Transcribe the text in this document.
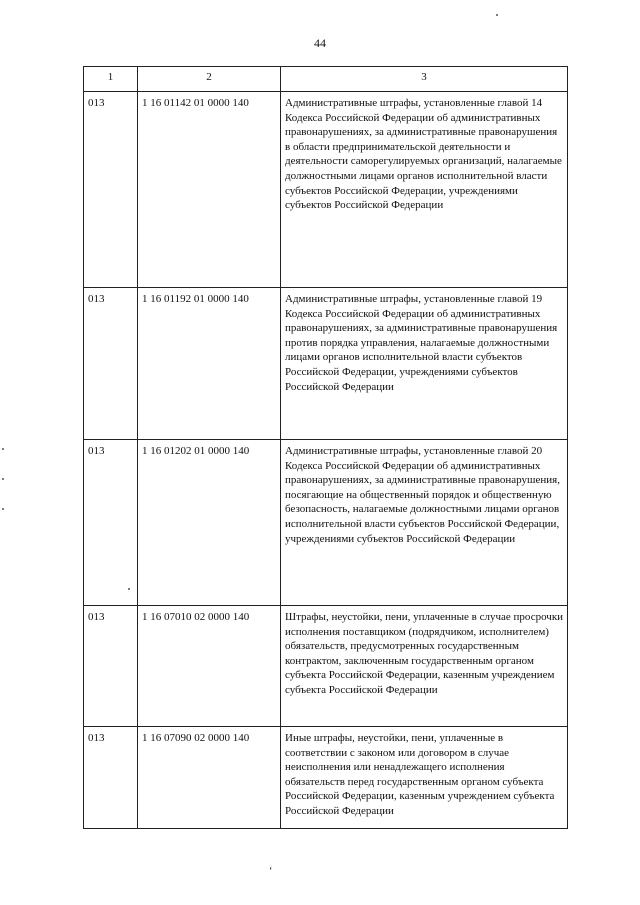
44
1	2	3
013	1 16 01142 01 0000 140	Административные штрафы, установленные главой 14 Кодекса Российской Федерации об административных правонарушениях, за административные правонарушения в области предпринимательской деятельности и деятельности саморегулируемых организаций, налагаемые должностными лицами органов исполнительной власти субъектов Российской Федерации, учреждениями субъектов Российской Федерации
013	1 16 01192 01 0000 140	Административные штрафы, установленные главой 19 Кодекса Российской Федерации об административных правонарушениях, за административные правонарушения против порядка управления, налагаемые должностными лицами органов исполнительной власти субъектов Российской Федерации, учреждениями субъектов Российской Федерации
013	1 16 01202 01 0000 140	Административные штрафы, установленные главой 20 Кодекса Российской Федерации об административных правонарушениях, за административные правонарушения, посягающие на общественный порядок и общественную безопасность, налагаемые должностными лицами органов исполнительной власти субъектов Российской Федерации, учреждениями субъектов Российской Федерации
013	1 16 07010 02 0000 140	Штрафы, неустойки, пени, уплаченные в случае просрочки исполнения поставщиком (подрядчиком, исполнителем) обязательств, предусмотренных государственным контрактом, заключенным государственным органом субъекта Российской Федерации, казенным учреждением субъекта Российской Федерации
013	1 16 07090 02 0000 140	Иные штрафы, неустойки, пени, уплаченные в соответствии с законом или договором в случае неисполнения или ненадлежащего исполнения обязательств перед государственным органом субъекта Российской Федерации, казенным учреждением субъекта Российской Федерации
‘
